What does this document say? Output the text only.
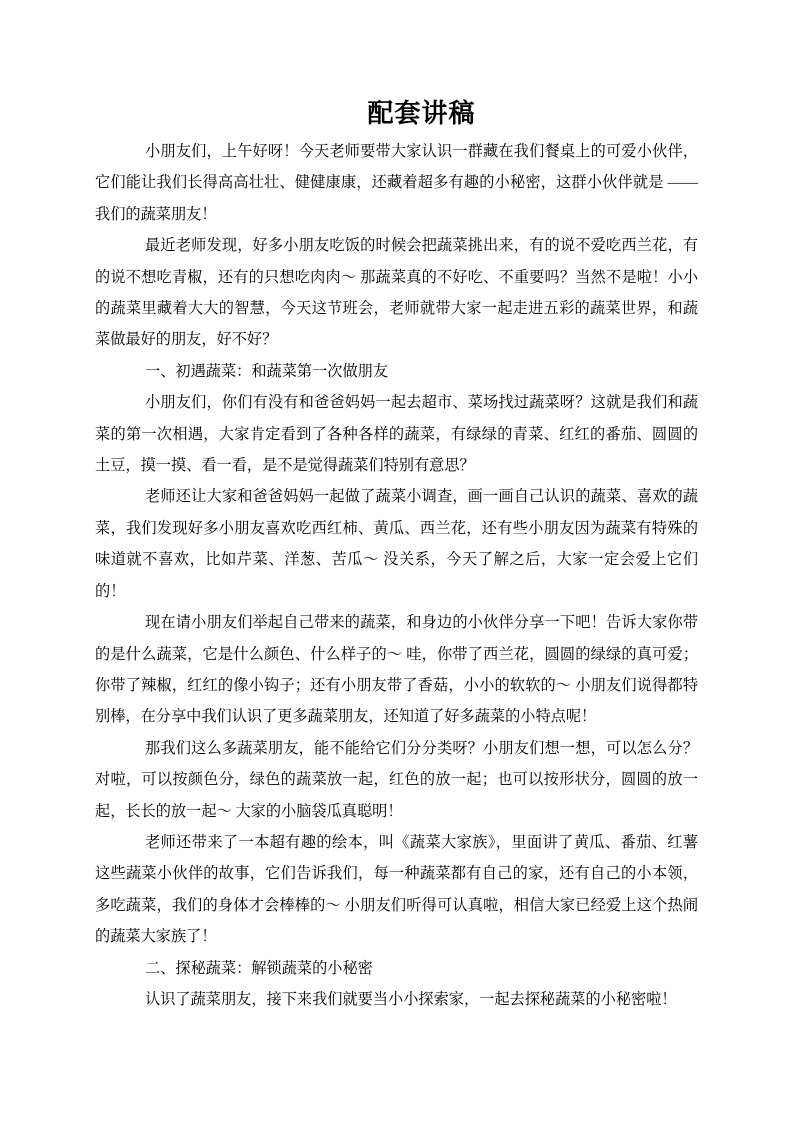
配套讲稿

小朋友们，上午好呀！今天老师要带大家认识一群藏在我们餐桌上的可爱小伙伴，它们能让我们长得高高壮壮、健健康康，还藏着超多有趣的小秘密，这群小伙伴就是 —— 我们的蔬菜朋友！

最近老师发现，好多小朋友吃饭的时候会把蔬菜挑出来，有的说不爱吃西兰花，有的说不想吃青椒，还有的只想吃肉肉～ 那蔬菜真的不好吃、不重要吗？当然不是啦！小小的蔬菜里藏着大大的智慧，今天这节班会，老师就带大家一起走进五彩的蔬菜世界，和蔬菜做最好的朋友，好不好？

一、初遇蔬菜：和蔬菜第一次做朋友

小朋友们，你们有没有和爸爸妈妈一起去超市、菜场找过蔬菜呀？这就是我们和蔬菜的第一次相遇，大家肯定看到了各种各样的蔬菜，有绿绿的青菜、红红的番茄、圆圆的土豆，摸一摸、看一看，是不是觉得蔬菜们特别有意思？

老师还让大家和爸爸妈妈一起做了蔬菜小调查，画一画自己认识的蔬菜、喜欢的蔬菜，我们发现好多小朋友喜欢吃西红柿、黄瓜、西兰花，还有些小朋友因为蔬菜有特殊的味道就不喜欢，比如芹菜、洋葱、苦瓜～ 没关系，今天了解之后，大家一定会爱上它们的！

现在请小朋友们举起自己带来的蔬菜，和身边的小伙伴分享一下吧！告诉大家你带的是什么蔬菜，它是什么颜色、什么样子的～ 哇，你带了西兰花，圆圆的绿绿的真可爱；你带了辣椒，红红的像小钩子；还有小朋友带了香菇，小小的软软的～ 小朋友们说得都特别棒，在分享中我们认识了更多蔬菜朋友，还知道了好多蔬菜的小特点呢！

那我们这么多蔬菜朋友，能不能给它们分分类呀？小朋友们想一想，可以怎么分？对啦，可以按颜色分，绿色的蔬菜放一起，红色的放一起；也可以按形状分，圆圆的放一起，长长的放一起～ 大家的小脑袋瓜真聪明！

老师还带来了一本超有趣的绘本，叫《蔬菜大家族》，里面讲了黄瓜、番茄、红薯这些蔬菜小伙伴的故事，它们告诉我们，每一种蔬菜都有自己的家，还有自己的小本领，多吃蔬菜，我们的身体才会棒棒的～ 小朋友们听得可认真啦，相信大家已经爱上这个热闹的蔬菜大家族了！

二、探秘蔬菜：解锁蔬菜的小秘密

认识了蔬菜朋友，接下来我们就要当小小探索家，一起去探秘蔬菜的小秘密啦！
